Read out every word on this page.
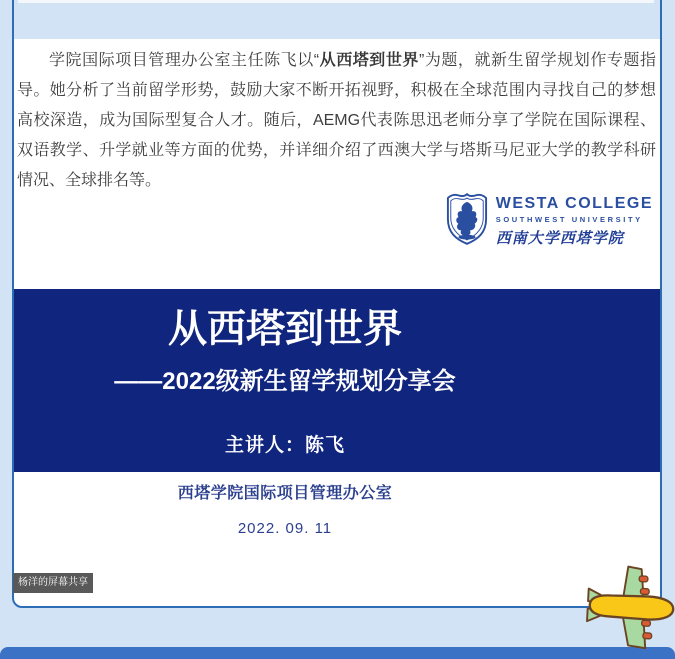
学院国际项目管理办公室主任陈飞以“从西塔到世界”为题，就新生留学规划作专题指导。她分析了当前留学形势，鼓励大家不断开拓视野，积极在全球范围内寻找自己的梦想高校深造，成为国际型复合人才。随后，AEMG代表陈思迅老师分享了学院在国际课程、双语教学、升学就业等方面的优势，并详细介绍了西澳大学与塔斯马尼亚大学的教学科研情况、全球排名等。

WESTA COLLEGE
SOUTHWEST UNIVERSITY
西南大学西塔学院
从西塔到世界
——2022级新生留学规划分享会
主讲人：陈飞
西塔学院国际项目管理办公室
2022. 09. 11
杨洋的屏幕共享
